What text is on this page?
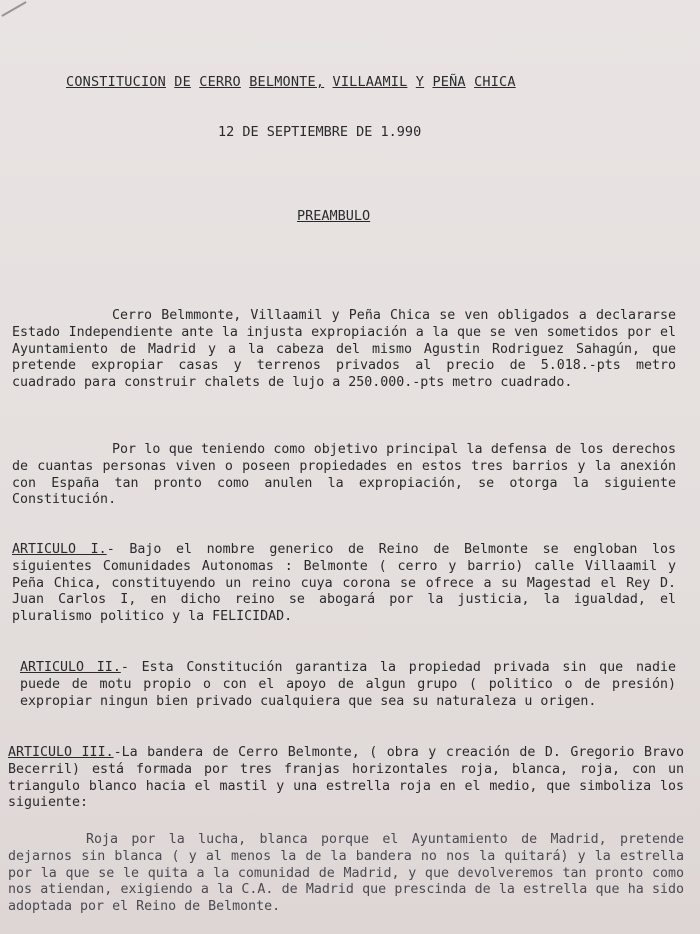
CONSTITUCION DE CERRO BELMONTE, VILLAAMIL Y PEÑA CHICA
12 DE SEPTIEMBRE DE 1.990
PREAMBULO
Cerro Belmmonte, Villaamil y Peña Chica se ven obligados a declararse Estado Independiente ante la injusta expropiación a la que se ven sometidos por el Ayuntamiento de Madrid y a la cabeza del mismo Agustin Rodriguez Sahagún, que pretende expropiar casas y terrenos privados al precio de 5.018.-pts metro cuadrado para construir chalets de lujo a 250.000.-pts metro cuadrado.
Por lo que teniendo como objetivo principal la defensa de los derechos de cuantas personas viven o poseen propiedades en estos tres barrios y la anexión con España tan pronto como anulen la expropiación, se otorga la siguiente Constitución.
ARTICULO I.- Bajo el nombre generico de Reino de Belmonte se engloban los siguientes Comunidades Autonomas : Belmonte ( cerro y barrio) calle Villaamil y Peña Chica, constituyendo un reino cuya corona se ofrece a su Magestad el Rey D. Juan Carlos I, en dicho reino se abogará por la justicia, la igualdad, el pluralismo politico y la FELICIDAD.
ARTICULO II.- Esta Constitución garantiza la propiedad privada sin que nadie puede de motu propio o con el apoyo de algun grupo ( politico o de presión) expropiar ningun bien privado cualquiera que sea su naturaleza u origen.
ARTICULO III.-La bandera de Cerro Belmonte, ( obra y creación de D. Gregorio Bravo Becerril) está formada por tres franjas horizontales roja, blanca, roja, con un triangulo blanco hacia el mastil y una estrella roja en el medio, que simboliza los siguiente:
Roja por la lucha, blanca porque el Ayuntamiento de Madrid, pretende dejarnos sin blanca ( y al menos la de la bandera no nos la quitará) y la estrella por la que se le quita a la comunidad de Madrid, y que devolveremos tan pronto como nos atiendan, exigiendo a la C.A. de Madrid que prescinda de la estrella que ha sido adoptada por el Reino de Belmonte.
